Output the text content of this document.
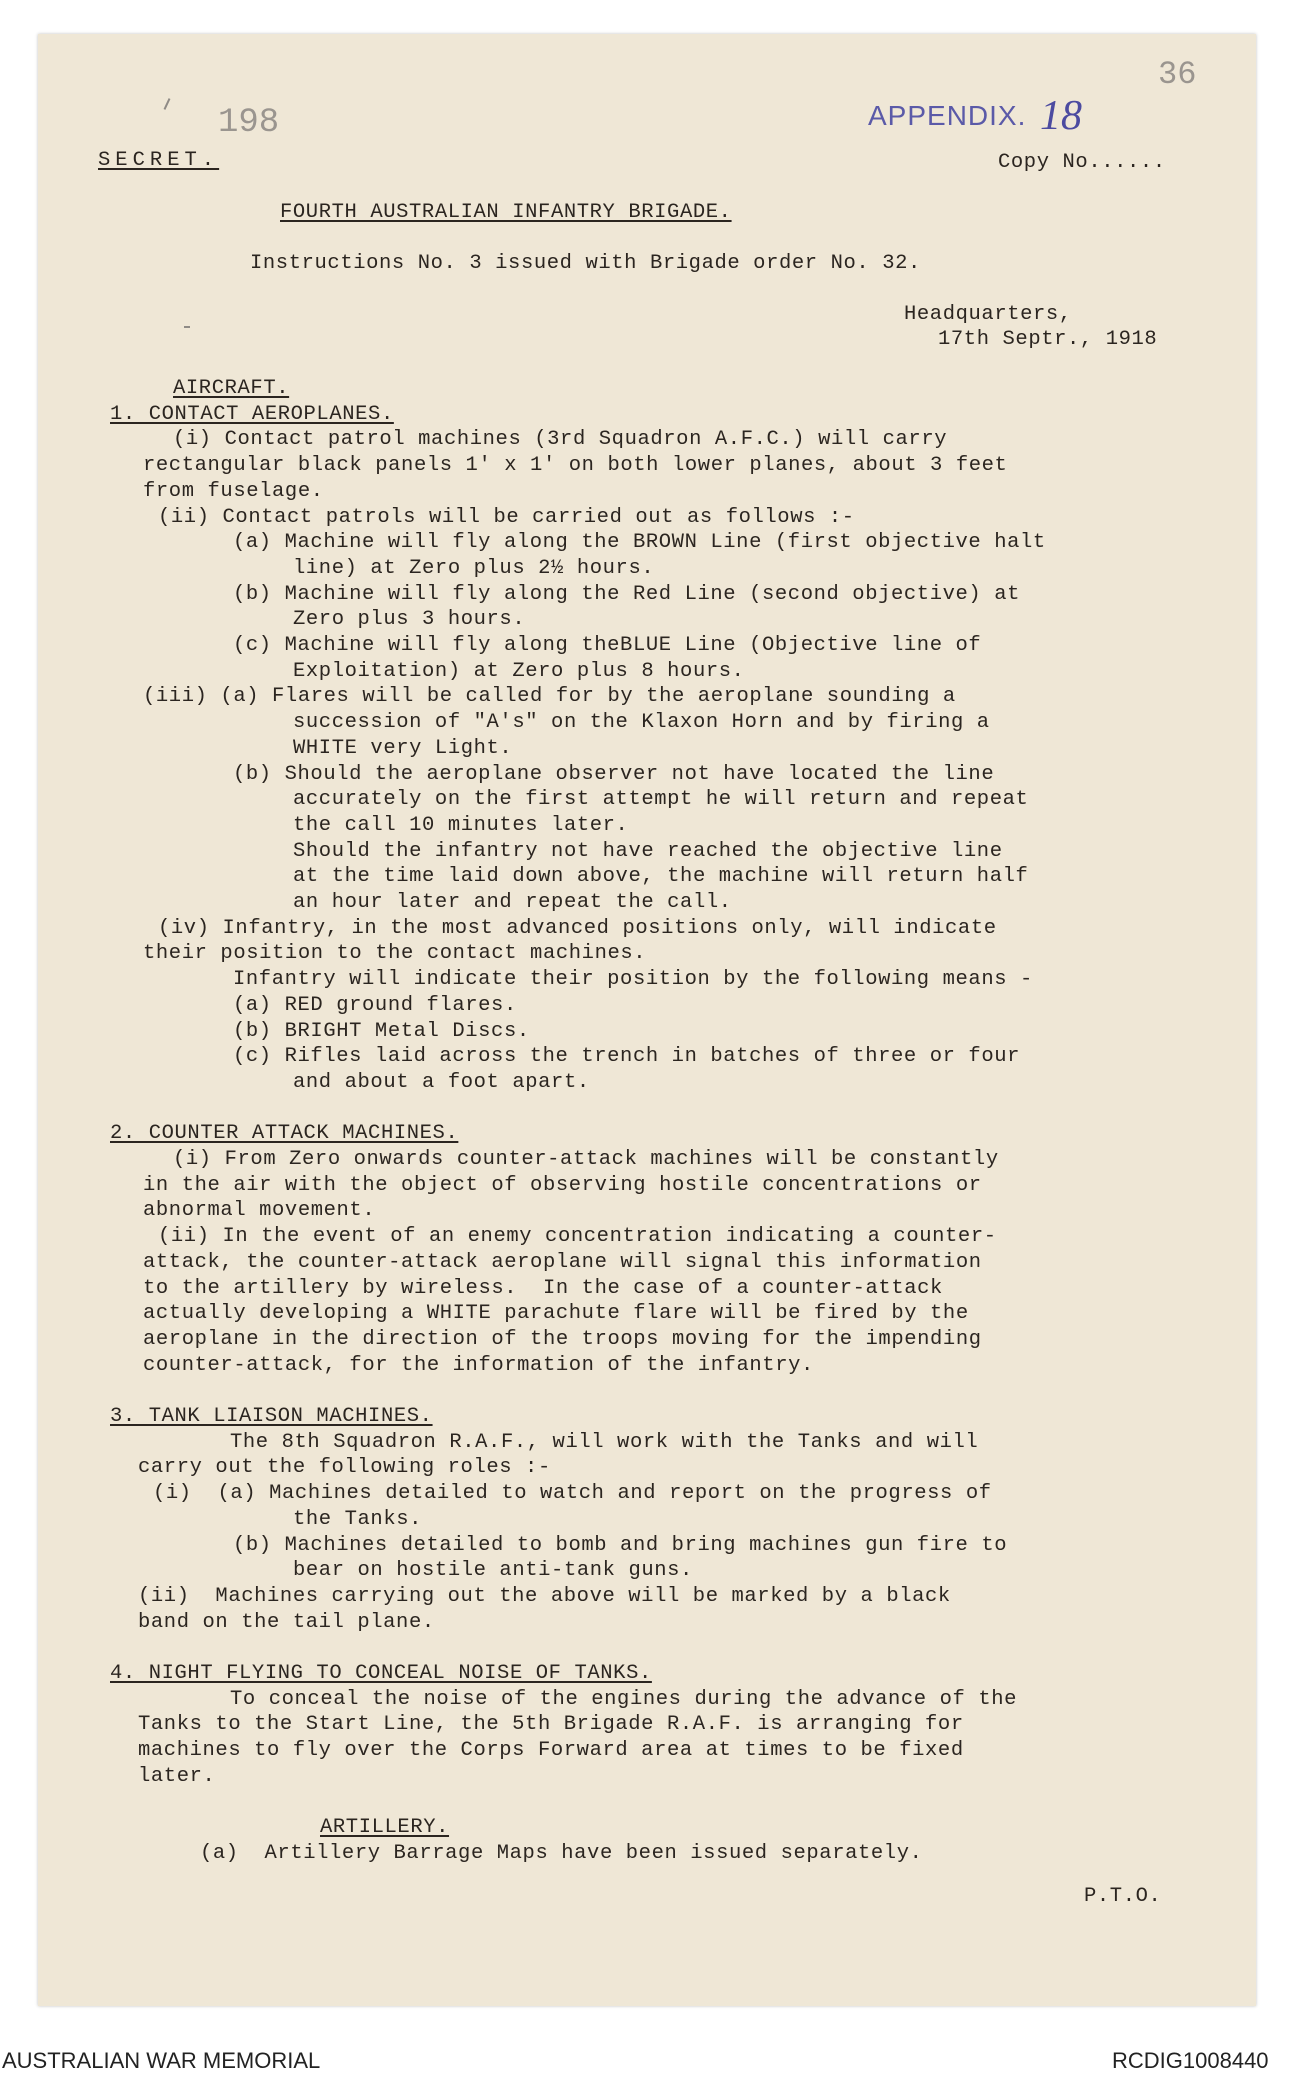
198
36
APPENDIX. 18
SECRET.	Copy No......
FOURTH AUSTRALIAN INFANTRY BRIGADE.
Instructions No. 3 issued with Brigade order No. 32.
Headquarters,
17th Septr., 1918
AIRCRAFT.
1. CONTACT AEROPLANES.
(i) Contact patrol machines (3rd Squadron A.F.C.) will carry
rectangular black panels 1' x 1' on both lower planes, about 3 feet
from fuselage.
(ii) Contact patrols will be carried out as follows :-
(a) Machine will fly along the BROWN Line (first objective halt
line) at Zero plus 2½ hours.
(b) Machine will fly along the Red Line (second objective) at
Zero plus 3 hours.
(c) Machine will fly along theBLUE Line (Objective line of
Exploitation) at Zero plus 8 hours.
(iii) (a) Flares will be called for by the aeroplane sounding a
succession of "A's" on the Klaxon Horn and by firing a
WHITE very Light.
(b) Should the aeroplane observer not have located the line
accurately on the first attempt he will return and repeat
the call 10 minutes later.
Should the infantry not have reached the objective line
at the time laid down above, the machine will return half
an hour later and repeat the call.
(iv) Infantry, in the most advanced positions only, will indicate
their position to the contact machines.
Infantry will indicate their position by the following means -
(a) RED ground flares.
(b) BRIGHT Metal Discs.
(c) Rifles laid across the trench in batches of three or four
and about a foot apart.
2. COUNTER ATTACK MACHINES.
(i) From Zero onwards counter-attack machines will be constantly
in the air with the object of observing hostile concentrations or
abnormal movement.
(ii) In the event of an enemy concentration indicating a counter-
attack, the counter-attack aeroplane will signal this information
to the artillery by wireless.  In the case of a counter-attack
actually developing a WHITE parachute flare will be fired by the
aeroplane in the direction of the troops moving for the impending
counter-attack, for the information of the infantry.
3. TANK LIAISON MACHINES.
The 8th Squadron R.A.F., will work with the Tanks and will
carry out the following roles :-
(i)  (a) Machines detailed to watch and report on the progress of
the Tanks.
(b) Machines detailed to bomb and bring machines gun fire to
bear on hostile anti-tank guns.
(ii)  Machines carrying out the above will be marked by a black
band on the tail plane.
4. NIGHT FLYING TO CONCEAL NOISE OF TANKS.
To conceal the noise of the engines during the advance of the
Tanks to the Start Line, the 5th Brigade R.A.F. is arranging for
machines to fly over the Corps Forward area at times to be fixed
later.
ARTILLERY.
(a)  Artillery Barrage Maps have been issued separately.
P.T.O.
AUSTRALIAN WAR MEMORIAL	RCDIG1008440
